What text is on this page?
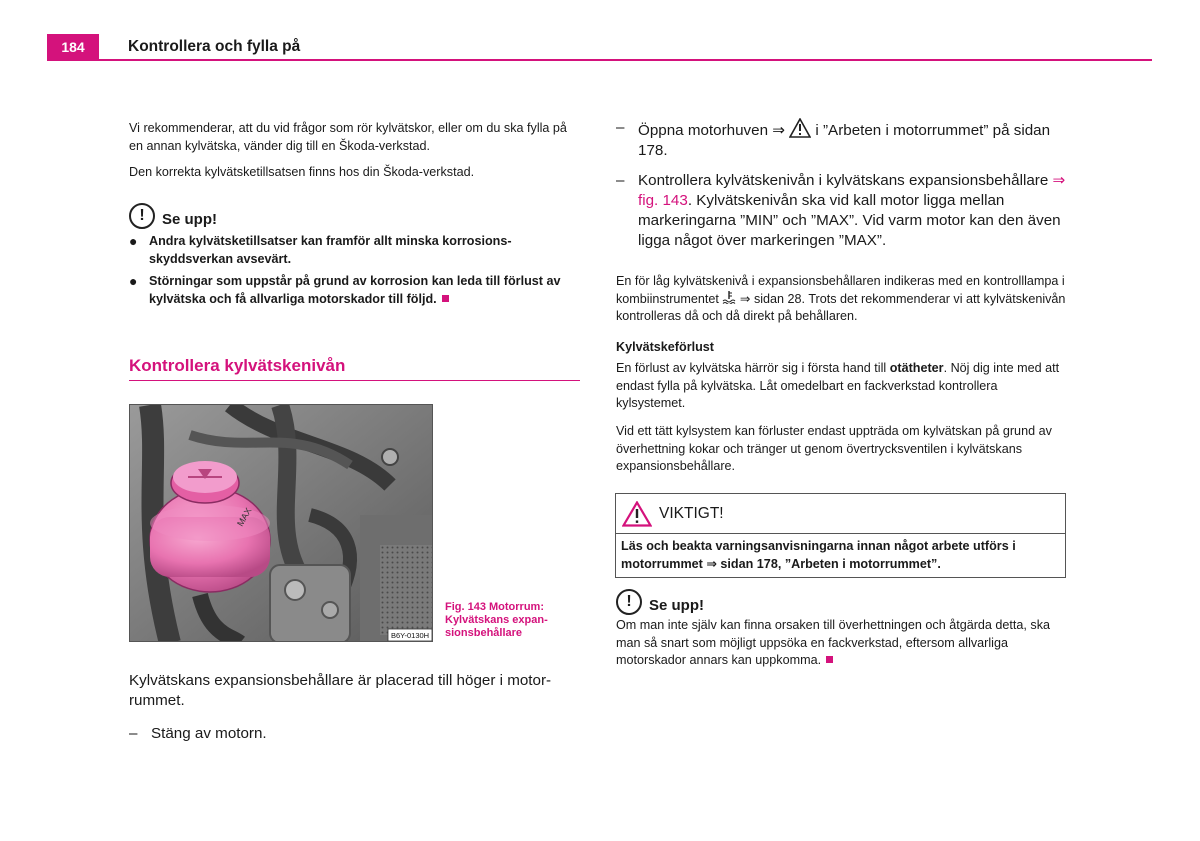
184	Kontrollera och fylla på
Vi rekommenderar, att du vid frågor som rör kylvätskor, eller om du ska fylla på en annan kylvätska, vänder dig till en Škoda-verkstad.
Den korrekta kylvätsketillsatsen finns hos din Škoda-verkstad.
!	Se upp!
● Andra kylvätsketillsatser kan framför allt minska korrosionsskyddsverkan avsevärt.
● Störningar som uppstår på grund av korrosion kan leda till förlust av kylvätska och få allvarliga motorskador till följd.
Kontrollera kylvätskenivån
MAX
B6Y-0130H
Fig. 143 Motorrum: Kylvätskans expansionsbehållare
Kylvätskans expansionsbehållare är placerad till höger i motorrummet.
– Stäng av motorn.
– Öppna motorhuven ⇒  i ”Arbeten i motorrummet” på sidan 178.
– Kontrollera kylvätskenivån i kylvätskans expansionsbehållare ⇒ fig. 143. Kylvätskenivån ska vid kall motor ligga mellan markeringarna ”MIN” och ”MAX”. Vid varm motor kan den även ligga något över markeringen ”MAX”.
En för låg kylvätskenivå i expansionsbehållaren indikeras med en kontrolllampa i kombiinstrumentet  ⇒ sidan 28. Trots det rekommenderar vi att kylvätskenivån kontrolleras då och då direkt på behållaren.
Kylvätskeförlust
En förlust av kylvätska härrör sig i första hand till otätheter. Nöj dig inte med att endast fylla på kylvätska. Låt omedelbart en fackverkstad kontrollera kylsystemet.
Vid ett tätt kylsystem kan förluster endast uppträda om kylvätskan på grund av överhettning kokar och tränger ut genom övertrycksventilen i kylvätskans expansionsbehållare.
VIKTIGT!
Läs och beakta varningsanvisningarna innan något arbete utförs i motorrummet ⇒ sidan 178, ”Arbeten i motorrummet”.
!	Se upp!
Om man inte själv kan finna orsaken till överhettningen och åtgärda detta, ska man så snart som möjligt uppsöka en fackverkstad, eftersom allvarliga motorskador annars kan uppkomma.
